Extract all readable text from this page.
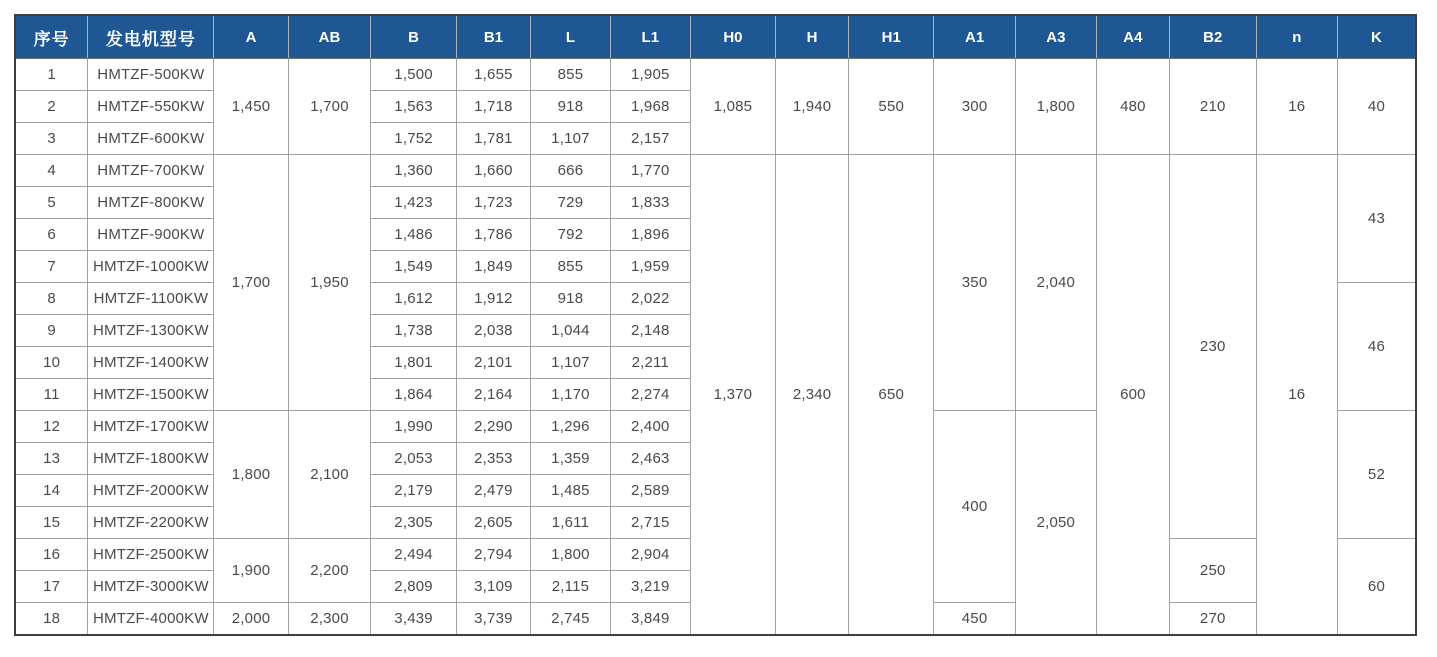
序号	发电机型号	A	AB	B	B1	L	L1	H0	H	H1	A1	A3	A4	B2	n	K
1	HMTZF-500KW	1,450	1,700	1,500	1,655	855	1,905	1,085	1,940	550	300	1,800	480	210	16	40
2	HMTZF-550KW			1,563	1,718	918	1,968									
3	HMTZF-600KW			1,752	1,781	1,107	2,157									
4	HMTZF-700KW	1,700	1,950	1,360	1,660	666	1,770	1,370	2,340	650	350	2,040	600	230	16	43
5	HMTZF-800KW			1,423	1,723	729	1,833									
6	HMTZF-900KW			1,486	1,786	792	1,896									
7	HMTZF-1000KW			1,549	1,849	855	1,959									
8	HMTZF-1100KW			1,612	1,912	918	2,022									46
9	HMTZF-1300KW			1,738	2,038	1,044	2,148									
10	HMTZF-1400KW			1,801	2,101	1,107	2,211									
11	HMTZF-1500KW			1,864	2,164	1,170	2,274									
12	HMTZF-1700KW	1,800	2,100	1,990	2,290	1,296	2,400				400	2,050				52
13	HMTZF-1800KW			2,053	2,353	1,359	2,463									
14	HMTZF-2000KW			2,179	2,479	1,485	2,589									
15	HMTZF-2200KW			2,305	2,605	1,611	2,715									
16	HMTZF-2500KW	1,900	2,200	2,494	2,794	1,800	2,904							250		60
17	HMTZF-3000KW			2,809	3,109	2,115	3,219									
18	HMTZF-4000KW	2,000	2,300	3,439	3,739	2,745	3,849				450			270		
